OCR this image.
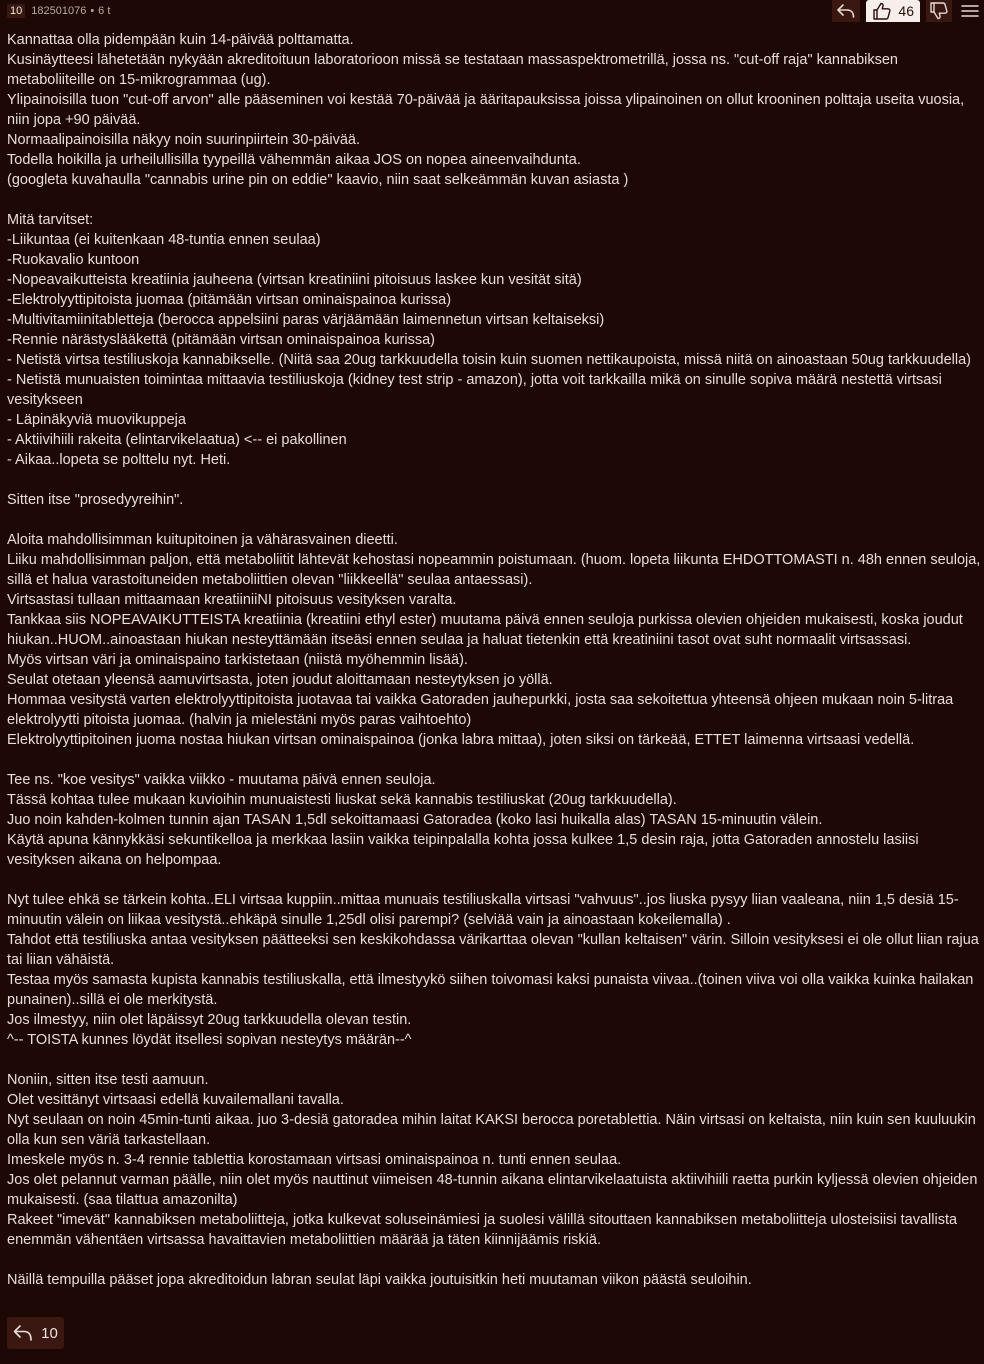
10 182501076 • 6 t	46

Kannattaa olla pidempään kuin 14-päivää polttamatta.

Kusinäytteesi lähetetään nykyään akreditoituun laboratorioon missä se testataan massaspektrometrillä, jossa ns. "cut-off raja" kannabiksen metaboliiteille on 15-mikrogrammaa (ug).

Ylipainoisilla tuon "cut-off arvon" alle pääseminen voi kestää 70-päivää ja ääritapauksissa joissa ylipainoinen on ollut krooninen polttaja useita vuosia, niin jopa +90 päivää.

Normaalipainoisilla näkyy noin suurinpiirtein 30-päivää.

Todella hoikilla ja urheilullisilla tyypeillä vähemmän aikaa JOS on nopea aineenvaihdunta.

(googleta kuvahaulla "cannabis urine pin on eddie" kaavio, niin saat selkeämmän kuvan asiasta )

Mitä tarvitset:

-Liikuntaa (ei kuitenkaan 48-tuntia ennen seulaa)

-Ruokavalio kuntoon

-Nopeavaikutteista kreatiinia jauheena (virtsan kreatiniini pitoisuus laskee kun vesität sitä)

-Elektrolyyttipitoista juomaa (pitämään virtsan ominaispainoa kurissa)

-Multivitamiinitabletteja (berocca appelsiini paras värjäämään laimennetun virtsan keltaiseksi)

-Rennie närästyslääkettä (pitämään virtsan ominaispainoa kurissa)

- Netistä virtsa testiliuskoja kannabikselle. (Niitä saa 20ug tarkkuudella toisin kuin suomen nettikaupoista, missä niitä on ainoastaan 50ug tarkkuudella)

- Netistä munuaisten toimintaa mittaavia testiliuskoja (kidney test strip - amazon), jotta voit tarkkailla mikä on sinulle sopiva määrä nestettä virtsasi vesitykseen

- Läpinäkyviä muovikuppeja

- Aktiivihiili rakeita (elintarvikelaatua) <-- ei pakollinen

- Aikaa..lopeta se polttelu nyt. Heti.

Sitten itse "prosedyyreihin".

Aloita mahdollisimman kuitupitoinen ja vähärasvainen dieetti.

Liiku mahdollisimman paljon, että metaboliitit lähtevät kehostasi nopeammin poistumaan. (huom. lopeta liikunta EHDOTTOMASTI n. 48h ennen seuloja, sillä et halua varastoituneiden metaboliittien olevan "liikkeellä" seulaa antaessasi).

Virtsastasi tullaan mittaamaan kreatiiniiNI pitoisuus vesityksen varalta.

Tankkaa siis NOPEAVAIKUTTEISTA kreatiinia (kreatiini ethyl ester) muutama päivä ennen seuloja purkissa olevien ohjeiden mukaisesti, koska joudut hiukan..HUOM..ainoastaan hiukan nesteyttämään itseäsi ennen seulaa ja haluat tietenkin että kreatiniini tasot ovat suht normaalit virtsassasi.

Myös virtsan väri ja ominaispaino tarkistetaan (niistä myöhemmin lisää).

Seulat otetaan yleensä aamuvirtsasta, joten joudut aloittamaan nesteytyksen jo yöllä.

Hommaa vesitystä varten elektrolyyttipitoista juotavaa tai vaikka Gatoraden jauhepurkki, josta saa sekoitettua yhteensä ohjeen mukaan noin 5-litraa elektrolyytti pitoista juomaa. (halvin ja mielestäni myös paras vaihtoehto)

Elektrolyyttipitoinen juoma nostaa hiukan virtsan ominaispainoa (jonka labra mittaa), joten siksi on tärkeää, ETTET laimenna virtsaasi vedellä.

Tee ns. "koe vesitys" vaikka viikko - muutama päivä ennen seuloja.

Tässä kohtaa tulee mukaan kuvioihin munuaistesti liuskat sekä kannabis testiliuskat (20ug tarkkuudella).

Juo noin kahden-kolmen tunnin ajan TASAN 1,5dl sekoittamaasi Gatoradea (koko lasi huikalla alas) TASAN 15-minuutin välein.

Käytä apuna kännykkäsi sekuntikelloa ja merkkaa lasiin vaikka teipinpalalla kohta jossa kulkee 1,5 desin raja, jotta Gatoraden annostelu lasiisi vesityksen aikana on helpompaa.

Nyt tulee ehkä se tärkein kohta..ELI virtsaa kuppiin..mittaa munuais testiliuskalla virtsasi "vahvuus"..jos liuska pysyy liian vaaleana, niin 1,5 desiä 15-minuutin välein on liikaa vesitystä..ehkäpä sinulle 1,25dl olisi parempi? (selviää vain ja ainoastaan kokeilemalla) .

Tahdot että testiliuska antaa vesityksen päätteeksi sen keskikohdassa värikarttaa olevan "kullan keltaisen" värin. Silloin vesityksesi ei ole ollut liian rajua tai liian vähäistä.

Testaa myös samasta kupista kannabis testiliuskalla, että ilmestyykö siihen toivomasi kaksi punaista viivaa..(toinen viiva voi olla vaikka kuinka hailakan punainen)..sillä ei ole merkitystä.

Jos ilmestyy, niin olet läpäissyt 20ug tarkkuudella olevan testin.

^-- TOISTA kunnes löydät itsellesi sopivan nesteytys määrän--^

Noniin, sitten itse testi aamuun.

Olet vesittänyt virtsaasi edellä kuvailemallani tavalla.

Nyt seulaan on noin 45min-tunti aikaa. juo 3-desiä gatoradea mihin laitat KAKSI berocca poretablettia. Näin virtsasi on keltaista, niin kuin sen kuuluukin olla kun sen väriä tarkastellaan.

Imeskele myös n. 3-4 rennie tablettia korostamaan virtsasi ominaispainoa n. tunti ennen seulaa.

Jos olet pelannut varman päälle, niin olet myös nauttinut viimeisen 48-tunnin aikana elintarvikelaatuista aktiivihiili raetta purkin kyljessä olevien ohjeiden mukaisesti. (saa tilattua amazonilta)

Rakeet "imevät" kannabiksen metaboliitteja, jotka kulkevat soluseinämiesi ja suolesi välillä sitouttaen kannabiksen metaboliitteja ulosteisiisi tavallista enemmän vähentäen virtsassa havaittavien metaboliittien määrää ja täten kiinnijäämis riskiä.

Näillä tempuilla pääset jopa akreditoidun labran seulat läpi vaikka joutuisitkin heti muutaman viikon päästä seuloihin.

10
